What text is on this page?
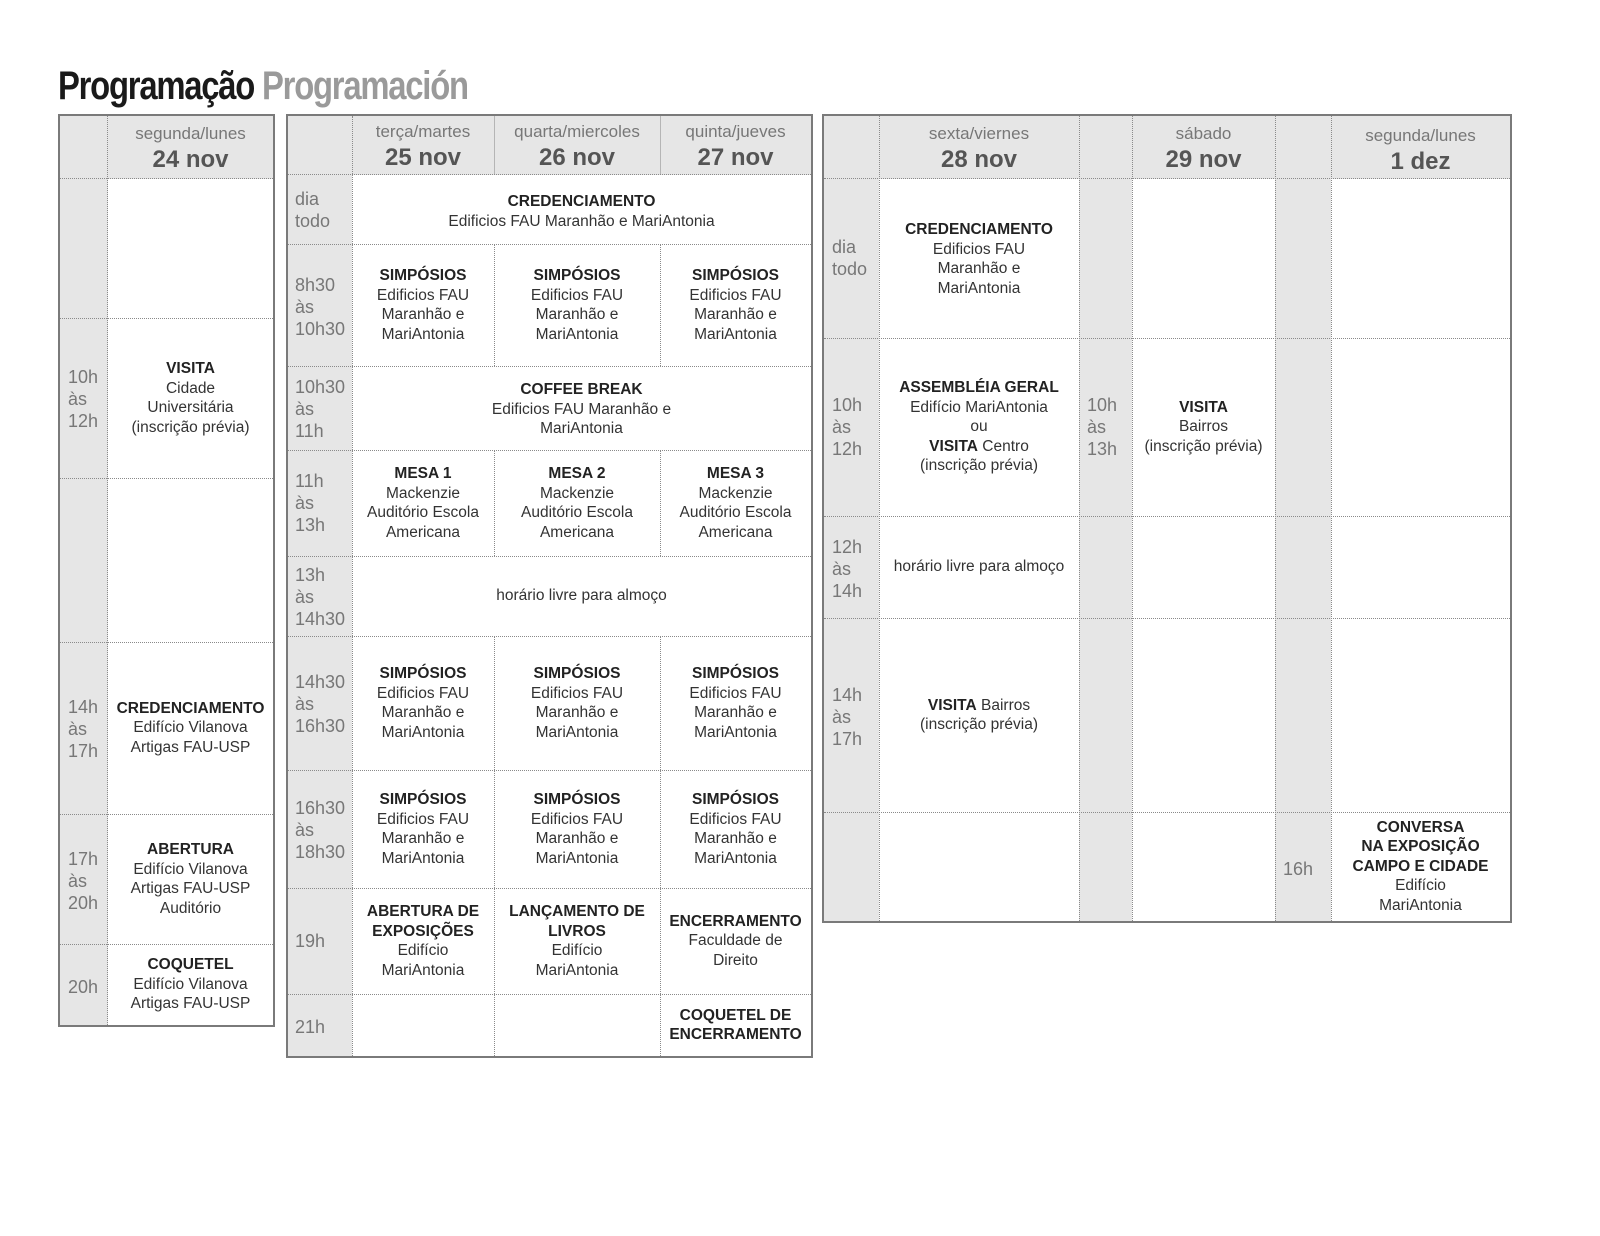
Programação Programación
segunda/lunes
24 nov
10h
às
12h
14h
às
17h
17h
às
20h
20h
VISITA
Cidade
Universitária
(inscrição prévia)
CREDENCIAMENTO
Edifício Vilanova
Artigas FAU-USP
ABERTURA
Edifício Vilanova
Artigas FAU-USP
Auditório
COQUETEL
Edifício Vilanova
Artigas FAU-USP
terça/martes
25 nov
quarta/miercoles
26 nov
quinta/jueves
27 nov
dia
todo
8h30
às
10h30
10h30
às
11h
11h
às
13h
13h
às
14h30
14h30
às
16h30
16h30
às
18h30
19h
21h
CREDENCIAMENTO
Edificios FAU Maranhão e MariAntonia
SIMPÓSIOS
Edificios FAU
Maranhão e
MariAntonia
SIMPÓSIOS
Edificios FAU
Maranhão e
MariAntonia
SIMPÓSIOS
Edificios FAU
Maranhão e
MariAntonia
COFFEE BREAK
Edificios FAU Maranhão e
MariAntonia
MESA 1
Mackenzie
Auditório Escola
Americana
MESA 2
Mackenzie
Auditório Escola
Americana
MESA 3
Mackenzie
Auditório Escola
Americana
horário livre para almoço
SIMPÓSIOS
Edificios FAU
Maranhão e
MariAntonia
SIMPÓSIOS
Edificios FAU
Maranhão e
MariAntonia
SIMPÓSIOS
Edificios FAU
Maranhão e
MariAntonia
SIMPÓSIOS
Edificios FAU
Maranhão e
MariAntonia
SIMPÓSIOS
Edificios FAU
Maranhão e
MariAntonia
SIMPÓSIOS
Edificios FAU
Maranhão e
MariAntonia
ABERTURA DE
EXPOSIÇÕES
Edifício
MariAntonia
LANÇAMENTO DE
LIVROS
Edifício
MariAntonia
ENCERRAMENTO
Faculdade de
Direito
COQUETEL DE
ENCERRAMENTO
sexta/viernes
28 nov
sábado
29 nov
segunda/lunes
1 dez
dia
todo
10h
às
12h
12h
às
14h
14h
às
17h
10h
às
13h
16h
CREDENCIAMENTO
Edificios FAU
Maranhão e
MariAntonia
ASSEMBLÉIA GERAL
Edifício MariAntonia
ou
VISITA Centro
(inscrição prévia)
horário livre para almoço
VISITA Bairros
(inscrição prévia)
VISITA
Bairros
(inscrição prévia)
CONVERSA
NA EXPOSIÇÃO
CAMPO E CIDADE
Edifício
MariAntonia
